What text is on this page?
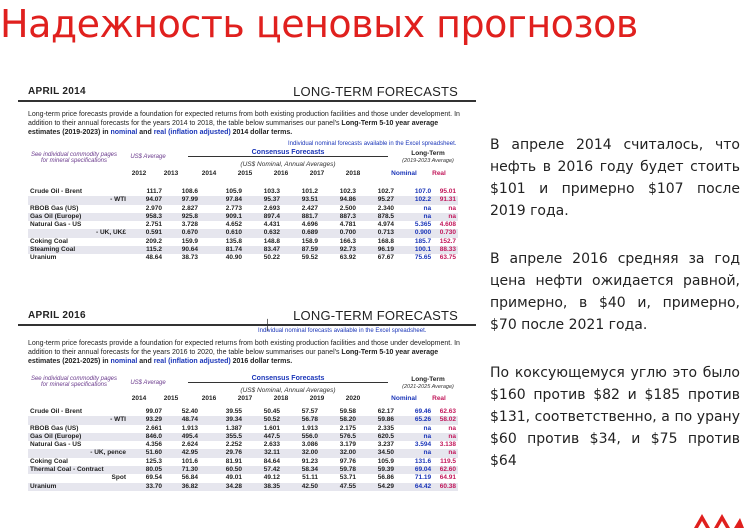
Надежность ценовых прогнозов
APRIL 2014	LONG-TERM FORECASTS
Long-term price forecasts provide a foundation for expected returns from both existing production facilities and those under development. In addition to their annual forecasts for the years 2014 to 2018, the table below summarises our panel's Long-Term 5-10 year average estimates (2019-2023) in nominal and real (inflation adjusted) 2014 dollar terms.
Individual nominal forecasts available in the Excel spreadsheet.
See individual commodity pages for mineral specifications
US$ Average
Consensus Forecasts
(US$ Nominal, Annual Averages)
Long-Term
(2019-2023 Average)
2012	2013	2014	2015	2016	2017	2018	Nominal	Real
Crude Oil - Brent	111.7	108.6	105.9	103.3	101.2	102.3	102.7	107.0	95.01
- WTI	94.07	97.99	97.84	95.37	93.51	94.86	95.27	102.2	91.31
RBOB Gas (US)	2.970	2.827	2.773	2.693	2.427	2.500	2.340	na	na
Gas Oil (Europe)	958.3	925.8	909.1	897.4	881.7	887.3	878.5	na	na
Natural Gas - US	2.751	3.728	4.652	4.431	4.696	4.781	4.974	5.365	4.608
- UK, UK£	0.591	0.670	0.610	0.632	0.689	0.700	0.713	0.900	0.730
Coking Coal	209.2	159.9	135.8	148.8	158.9	166.3	168.8	185.7	152.7
Steaming Coal	115.2	90.64	81.74	83.47	87.59	92.73	96.19	100.1	88.33
Uranium	48.64	38.73	40.90	50.22	59.52	63.92	67.67	75.65	63.75
APRIL 2016	LONG-TERM FORECASTS
Individual nominal forecasts available in the Excel spreadsheet.
Long-term price forecasts provide a foundation for expected returns from both existing production facilities and those under development. In addition to their annual forecasts for the years 2016 to 2020, the table below summarises our panel's Long-Term 5-10 year average estimates (2021-2025) in nominal and real (inflation adjusted) 2016 dollar terms.
See individual commodity pages for mineral specifications	US$ Average
Consensus Forecasts
(US$ Nominal, Annual Averages)
Long-Term
(2021-2025 Average)
2014	2015	2016	2017	2018	2019	2020	Nominal	Real
Crude Oil - Brent	99.07	52.40	39.55	50.45	57.57	59.58	62.17	69.46	62.63
- WTI	93.29	48.74	39.34	50.52	56.78	58.20	59.86	65.26	58.02
RBOB Gas (US)	2.661	1.913	1.387	1.601	1.913	2.175	2.335	na	na
Gas Oil (Europe)	846.0	495.4	355.5	447.5	556.0	576.5	620.5	na	na
Natural Gas - US	4.356	2.624	2.252	2.633	3.086	3.179	3.237	3.594	3.138
- UK, pence	51.60	42.95	29.76	32.11	32.00	32.00	34.50	na	na
Coking Coal	125.3	101.6	81.91	84.64	91.23	97.76	105.9	131.6	119.5
Thermal Coal - Contract	80.05	71.30	60.50	57.42	58.34	59.78	59.39	69.04	62.60
Spot	69.54	56.84	49.01	49.12	51.11	53.71	56.86	71.19	64.91
Uranium	33.70	36.82	34.28	38.35	42.50	47.55	54.29	64.42	60.38
┼
В апреле 2014 считалось, что нефть в 2016 году будет стоить $101 и примерно $107 после 2019 года.
В апреле 2016 средняя за год цена нефти ожидается равной, примерно, в $40 и, примерно, $70 после 2021 года.
По коксующемуся углю это было $160 против $82 и $185 против $131, соответственно, а по урану $60 против $34, и $75 против $64
